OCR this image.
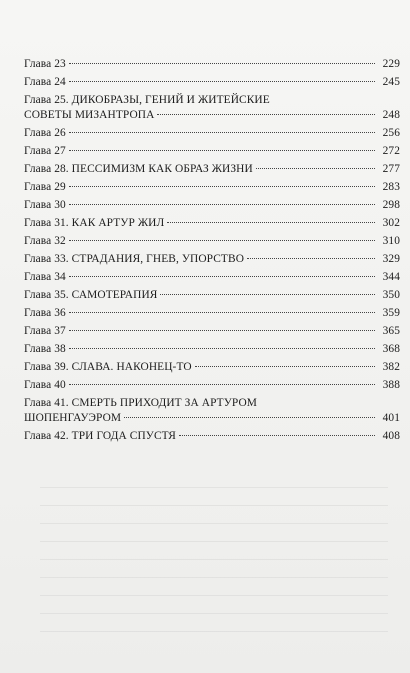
Глава 23	229
Глава 24	245
Глава 25. ДИКОБРАЗЫ, ГЕНИЙ И ЖИТЕЙСКИЕ
СОВЕТЫ МИЗАНТРОПА	248
Глава 26	256
Глава 27	272
Глава 28. ПЕССИМИЗМ КАК ОБРАЗ ЖИЗНИ	277
Глава 29	283
Глава 30	298
Глава 31. КАК АРТУР ЖИЛ	302
Глава 32	310
Глава 33. СТРАДАНИЯ, ГНЕВ, УПОРСТВО	329
Глава 34	344
Глава 35. САМОТЕРАПИЯ	350
Глава 36	359
Глава 37	365
Глава 38	368
Глава 39. СЛАВА. НАКОНЕЦ-ТО	382
Глава 40	388
Глава 41. СМЕРТЬ ПРИХОДИТ ЗА АРТУРОМ
ШОПЕНГАУЭРОМ	401
Глава 42. ТРИ ГОДА СПУСТЯ	408
